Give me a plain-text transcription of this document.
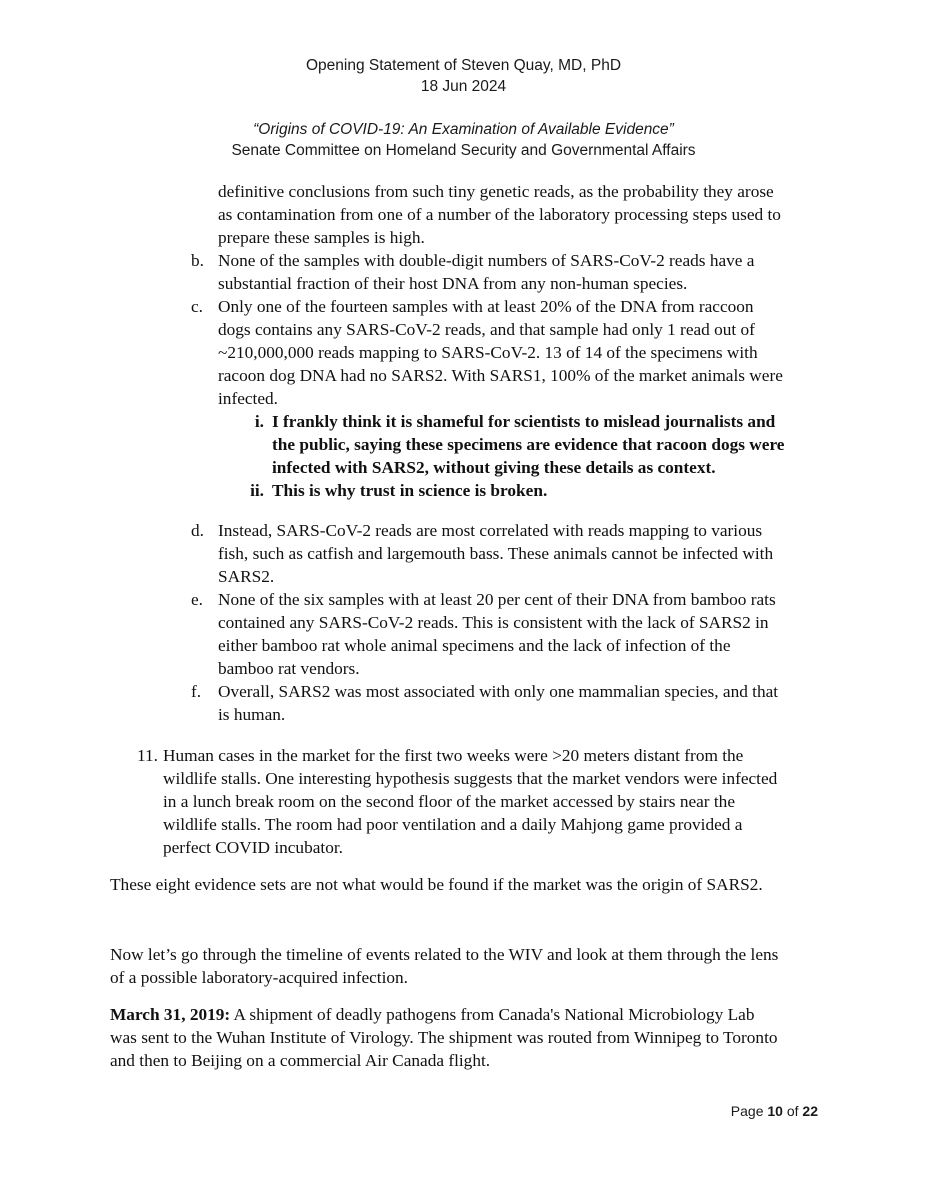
Opening Statement of Steven Quay, MD, PhD
18 Jun 2024
“Origins of COVID-19: An Examination of Available Evidence”
Senate Committee on Homeland Security and Governmental Affairs
definitive conclusions from such tiny genetic reads, as the probability they arose
as contamination from one of a number of the laboratory processing steps used to
prepare these samples is high.
b. None of the samples with double-digit numbers of SARS-CoV-2 reads have a
substantial fraction of their host DNA from any non-human species.
c. Only one of the fourteen samples with at least 20% of the DNA from raccoon
dogs contains any SARS-CoV-2 reads, and that sample had only 1 read out of
~210,000,000 reads mapping to SARS-CoV-2. 13 of 14 of the specimens with
racoon dog DNA had no SARS2. With SARS1, 100% of the market animals were
infected.
i. I frankly think it is shameful for scientists to mislead journalists and
the public, saying these specimens are evidence that racoon dogs were
infected with SARS2, without giving these details as context.
ii. This is why trust in science is broken.
d. Instead, SARS-CoV-2 reads are most correlated with reads mapping to various
fish, such as catfish and largemouth bass. These animals cannot be infected with
SARS2.
e. None of the six samples with at least 20 per cent of their DNA from bamboo rats
contained any SARS-CoV-2 reads. This is consistent with the lack of SARS2 in
either bamboo rat whole animal specimens and the lack of infection of the
bamboo rat vendors.
f. Overall, SARS2 was most associated with only one mammalian species, and that
is human.
11. Human cases in the market for the first two weeks were >20 meters distant from the
wildlife stalls. One interesting hypothesis suggests that the market vendors were infected
in a lunch break room on the second floor of the market accessed by stairs near the
wildlife stalls. The room had poor ventilation and a daily Mahjong game provided a
perfect COVID incubator.
These eight evidence sets are not what would be found if the market was the origin of SARS2.
Now let’s go through the timeline of events related to the WIV and look at them through the lens
of a possible laboratory-acquired infection.
March 31, 2019: A shipment of deadly pathogens from Canada's National Microbiology Lab
was sent to the Wuhan Institute of Virology. The shipment was routed from Winnipeg to Toronto
and then to Beijing on a commercial Air Canada flight.
Page 10 of 22
